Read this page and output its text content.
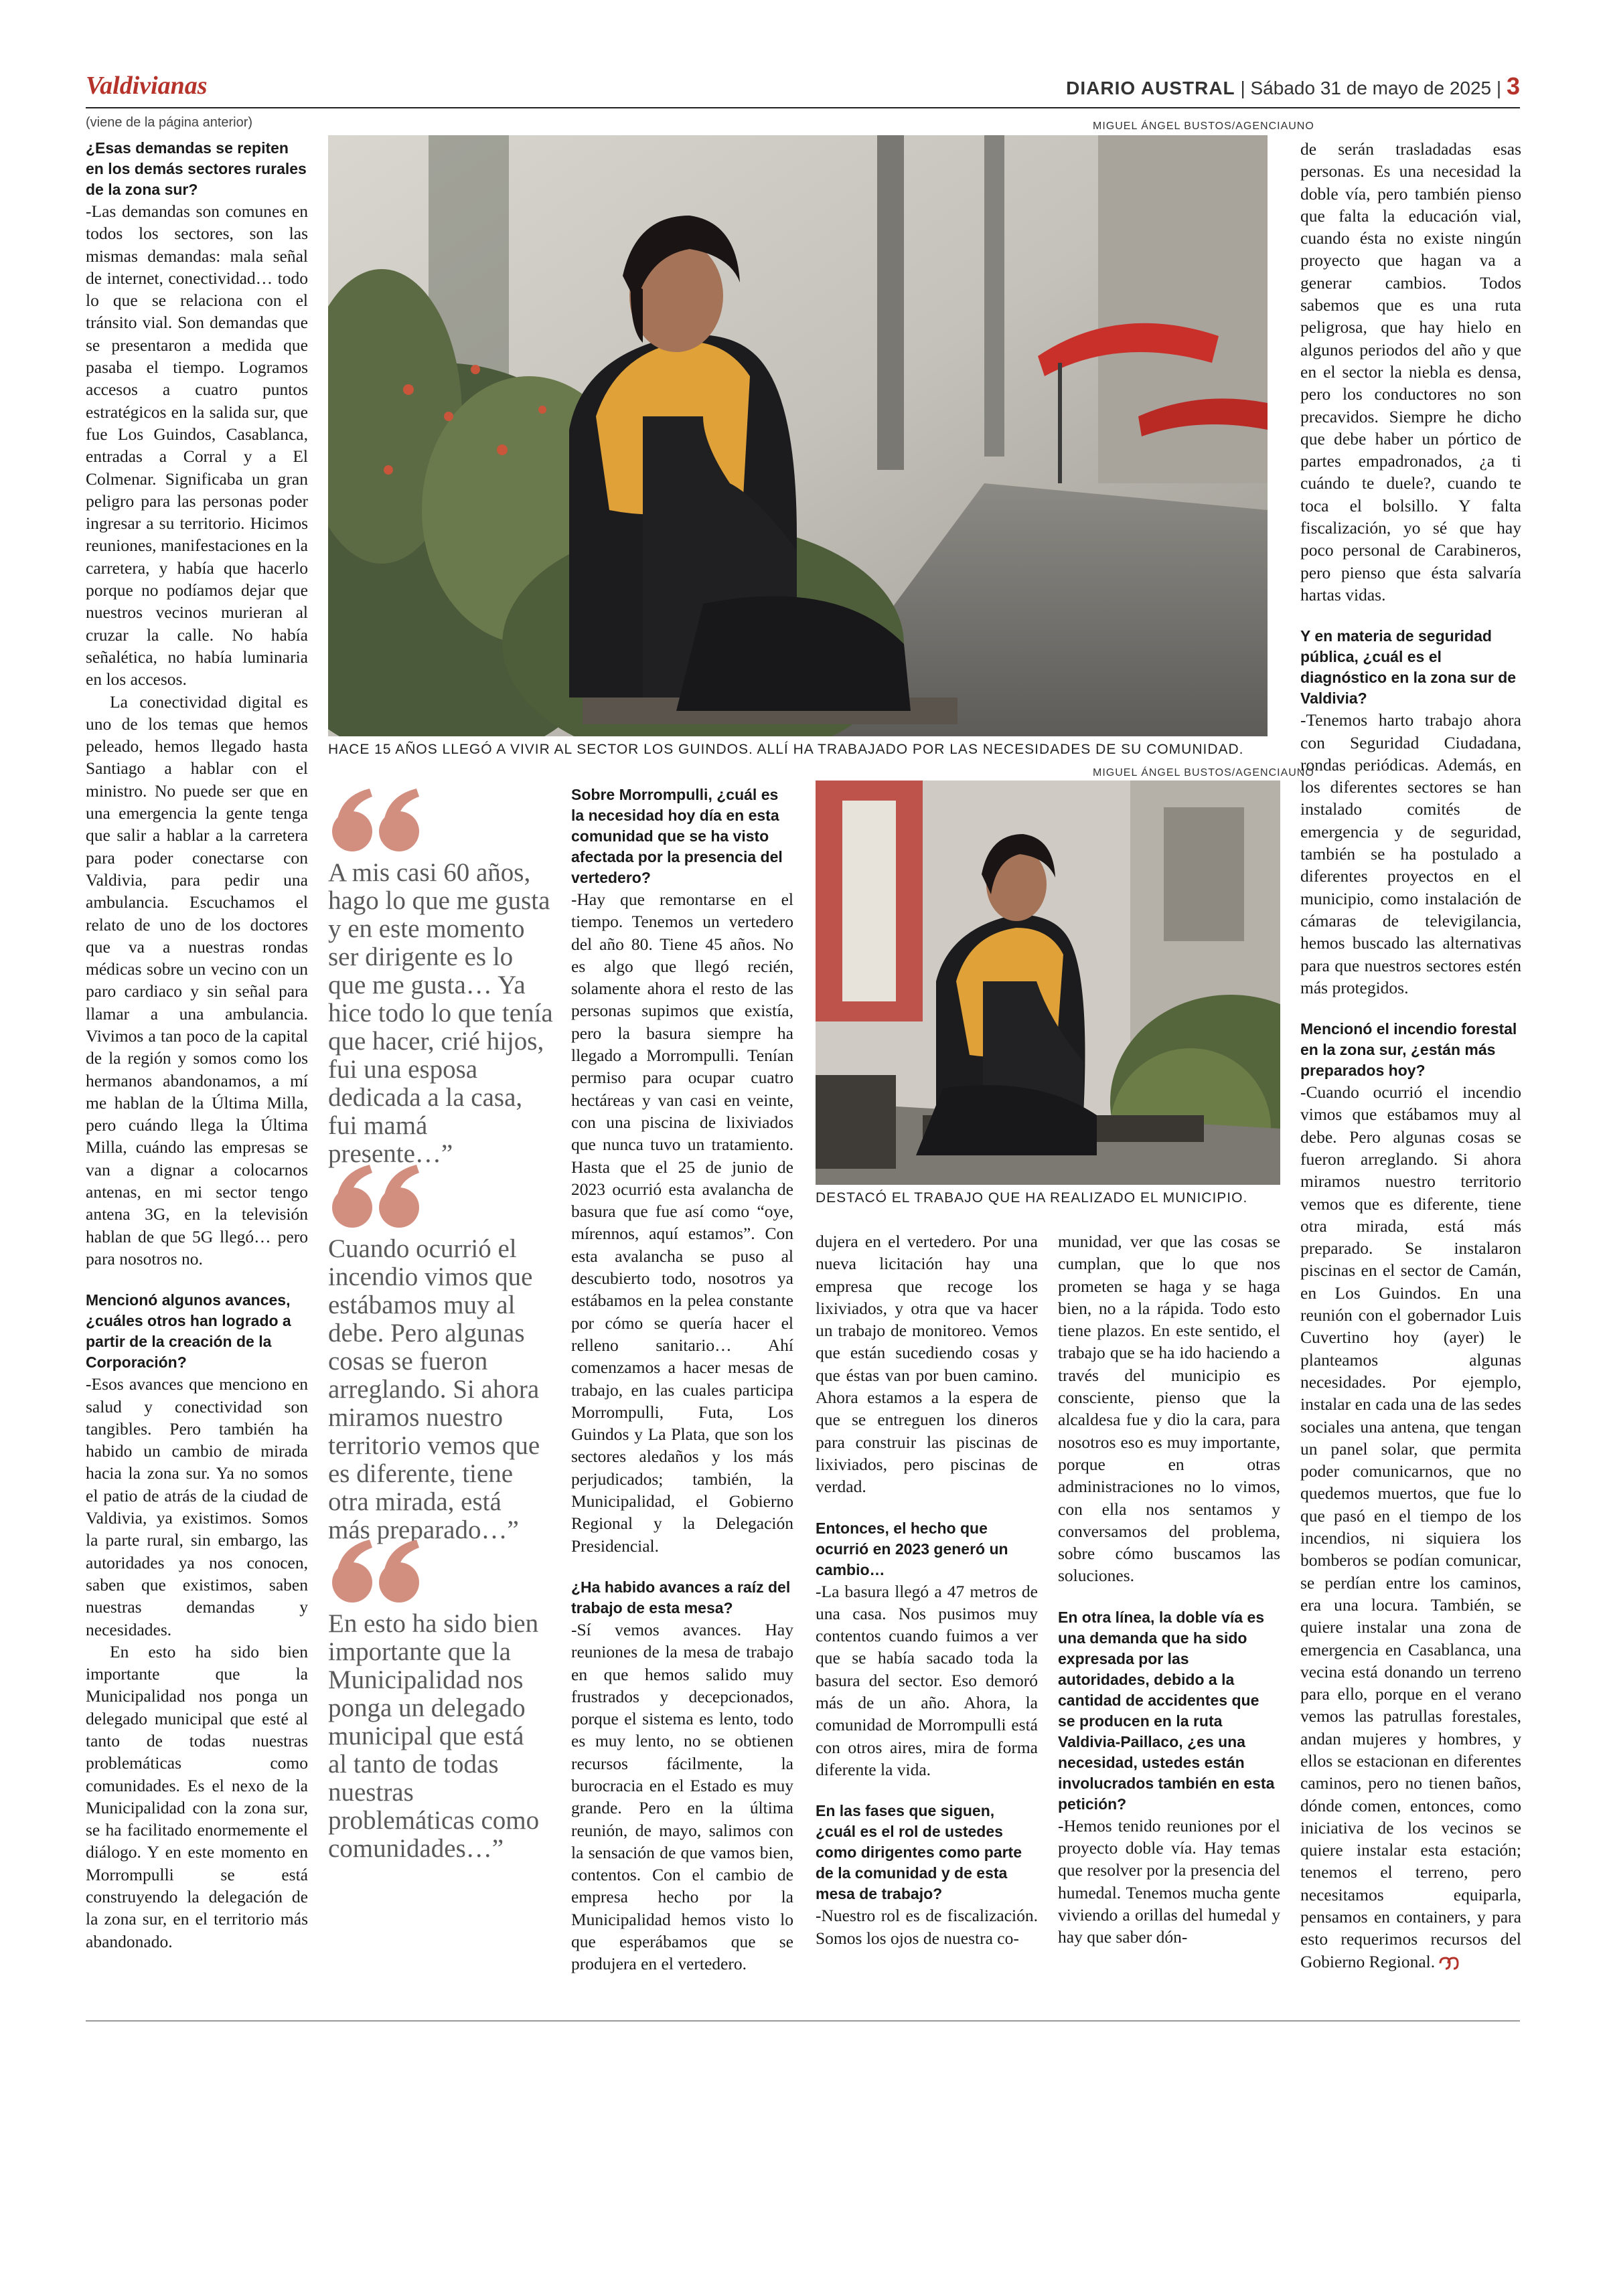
Valdivianas	DIARIO AUSTRAL | Sábado 31 de mayo de 2025 | 3
(viene de la página anterior)

¿Esas demandas se repiten en los demás sectores rurales de la zona sur?

-Las demandas son comunes en todos los sectores, son las mismas demandas: mala señal de internet, conectividad… todo lo que se relaciona con el tránsito vial. Son demandas que se presentaron a medida que pasaba el tiempo. Logramos accesos a cuatro puntos estratégicos en la salida sur, que fue Los Guindos, Casablanca, entradas a Corral y a El Colmenar. Significaba un gran peligro para las personas poder ingresar a su territorio. Hicimos reuniones, manifestaciones en la carretera, y había que hacerlo porque no podíamos dejar que nuestros vecinos murieran al cruzar la calle. No había señalética, no había luminaria en los accesos.

La conectividad digital es uno de los temas que hemos peleado, hemos llegado hasta Santiago a hablar con el ministro. No puede ser que en una emergencia la gente tenga que salir a hablar a la carretera para poder conectarse con Valdivia, para pedir una ambulancia. Escuchamos el relato de uno de los doctores que va a nuestras rondas médicas sobre un vecino con un paro cardiaco y sin señal para llamar a una ambulancia. Vivimos a tan poco de la capital de la región y somos como los hermanos abandonamos, a mí me hablan de la Última Milla, pero cuándo llega la Última Milla, cuándo las empresas se van a dignar a colocarnos antenas, en mi sector tengo antena 3G, en la televisión hablan de que 5G llegó… pero para nosotros no.

Mencionó algunos avances, ¿cuáles otros han logrado a partir de la creación de la Corporación?

-Esos avances que menciono en salud y conectividad son tangibles. Pero también ha habido un cambio de mirada hacia la zona sur. Ya no somos el patio de atrás de la ciudad de Valdivia, ya existimos. Somos la parte rural, sin embargo, las autoridades ya nos conocen, saben que existimos, saben nuestras demandas y necesidades.

En esto ha sido bien importante que la Municipalidad nos ponga un delegado municipal que esté al tanto de todas nuestras problemáticas como comunidades. Es el nexo de la Municipalidad con la zona sur, se ha facilitado enormemente el diálogo. Y en este momento en Morrompulli se está construyendo la delegación de la zona sur, en el territorio más abandonado.

MIGUEL ÁNGEL BUSTOS/AGENCIAUNO
HACE 15 AÑOS LLEGÓ A VIVIR AL SECTOR LOS GUINDOS. ALLÍ HA TRABAJADO POR LAS NECESIDADES DE SU COMUNIDAD.
A mis casi 60 años, hago lo que me gusta y en este momento ser dirigente es lo que me gusta… Ya hice todo lo que tenía que hacer, crié hijos, fui una esposa dedicada a la casa, fui mamá presente…”
Cuando ocurrió el incendio vimos que estábamos muy al debe. Pero algunas cosas se fueron arreglando. Si ahora miramos nuestro territorio vemos que es diferente, tiene otra mirada, está más preparado…”
En esto ha sido bien importante que la Municipalidad nos ponga un delegado municipal que está al tanto de todas nuestras problemáticas como comunidades…”

Sobre Morrompulli, ¿cuál es la necesidad hoy día en esta comunidad que se ha visto afectada por la presencia del vertedero?

-Hay que remontarse en el tiempo. Tenemos un vertedero del año 80. Tiene 45 años. No es algo que llegó recién, solamente ahora el resto de las personas supimos que existía, pero la basura siempre ha llegado a Morrompulli. Tenían permiso para ocupar cuatro hectáreas y van casi en veinte, con una piscina de lixiviados que nunca tuvo un tratamiento. Hasta que el 25 de junio de 2023 ocurrió esta avalancha de basura que fue así como “oye, mírennos, aquí estamos”. Con esta avalancha se puso al descubierto todo, nosotros ya estábamos en la pelea constante por cómo se quería hacer el relleno sanitario… Ahí comenzamos a hacer mesas de trabajo, en las cuales participa Morrompulli, Futa, Los Guindos y La Plata, que son los sectores aledaños y los más perjudicados; también, la Municipalidad, el Gobierno Regional y la Delegación Presidencial.

¿Ha habido avances a raíz del trabajo de esta mesa?

-Sí vemos avances. Hay reuniones de la mesa de trabajo en que hemos salido muy frustrados y decepcionados, porque el sistema es lento, todo es muy lento, no se obtienen recursos fácilmente, la burocracia en el Estado es muy grande. Pero en la última reunión, de mayo, salimos con la sensación de que vamos bien, contentos. Con el cambio de empresa hecho por la Municipalidad hemos visto lo que esperábamos que se produjera en el vertedero.

MIGUEL ÁNGEL BUSTOS/AGENCIAUNO
DESTACÓ EL TRABAJO QUE HA REALIZADO EL MUNICIPIO.

dujera en el vertedero. Por una nueva licitación hay una empresa que recoge los lixiviados, y otra que va hacer un trabajo de monitoreo. Vemos que están sucediendo cosas y que éstas van por buen camino. Ahora estamos a la espera de que se entreguen los dineros para construir las piscinas de lixiviados, pero piscinas de verdad.

Entonces, el hecho que ocurrió en 2023 generó un cambio…

-La basura llegó a 47 metros de una casa. Nos pusimos muy contentos cuando fuimos a ver que se había sacado toda la basura del sector. Eso demoró más de un año. Ahora, la comunidad de Morrompulli está con otros aires, mira de forma diferente la vida.

En las fases que siguen, ¿cuál es el rol de ustedes como dirigentes como parte de la comunidad y de esta mesa de trabajo?

-Nuestro rol es de fiscalización. Somos los ojos de nuestra co-

munidad, ver que las cosas se cumplan, que lo que nos prometen se haga y se haga bien, no a la rápida. Todo esto tiene plazos. En este sentido, el trabajo que se ha ido haciendo a través del municipio es consciente, pienso que la alcaldesa fue y dio la cara, para nosotros eso es muy importante, porque en otras administraciones no lo vimos, con ella nos sentamos y conversamos del problema, sobre cómo buscamos las soluciones.

En otra línea, la doble vía es una demanda que ha sido expresada por las autoridades, debido a la cantidad de accidentes que se producen en la ruta Valdivia-Paillaco, ¿es una necesidad, ustedes están involucrados también en esta petición?

-Hemos tenido reuniones por el proyecto doble vía. Hay temas que resolver por la presencia del humedal. Tenemos mucha gente viviendo a orillas del humedal y hay que saber dón-

de serán trasladadas esas personas. Es una necesidad la doble vía, pero también pienso que falta la educación vial, cuando ésta no existe ningún proyecto que hagan va a generar cambios. Todos sabemos que es una ruta peligrosa, que hay hielo en algunos periodos del año y que en el sector la niebla es densa, pero los conductores no son precavidos. Siempre he dicho que debe haber un pórtico de partes empadronados, ¿a ti cuándo te duele?, cuando te toca el bolsillo. Y falta fiscalización, yo sé que hay poco personal de Carabineros, pero pienso que ésta salvaría hartas vidas.

Y en materia de seguridad pública, ¿cuál es el diagnóstico en la zona sur de Valdivia?

-Tenemos harto trabajo ahora con Seguridad Ciudadana, rondas periódicas. Además, en los diferentes sectores se han instalado comités de emergencia y de seguridad, también se ha postulado a diferentes proyectos en el municipio, como instalación de cámaras de televigilancia, hemos buscado las alternativas para que nuestros sectores estén más protegidos.

Mencionó el incendio forestal en la zona sur, ¿están más preparados hoy?

-Cuando ocurrió el incendio vimos que estábamos muy al debe. Pero algunas cosas se fueron arreglando. Si ahora miramos nuestro territorio vemos que es diferente, tiene otra mirada, está más preparado. Se instalaron piscinas en el sector de Camán, en Los Guindos. En una reunión con el gobernador Luis Cuvertino hoy (ayer) le planteamos algunas necesidades. Por ejemplo, instalar en cada una de las sedes sociales una antena, que tengan un panel solar, que permita poder comunicarnos, que no quedemos muertos, que fue lo que pasó en el tiempo de los incendios, ni siquiera los bomberos se podían comunicar, se perdían entre los caminos, era una locura. También, se quiere instalar una zona de emergencia en Casablanca, una vecina está donando un terreno para ello, porque en el verano vemos las patrullas forestales, andan mujeres y hombres, y ellos se estacionan en diferentes caminos, pero no tienen baños, dónde comen, entonces, como iniciativa de los vecinos se quiere instalar esta estación; tenemos el terreno, pero necesitamos equiparla, pensamos en containers, y para esto requerimos recursos del Gobierno Regional.
